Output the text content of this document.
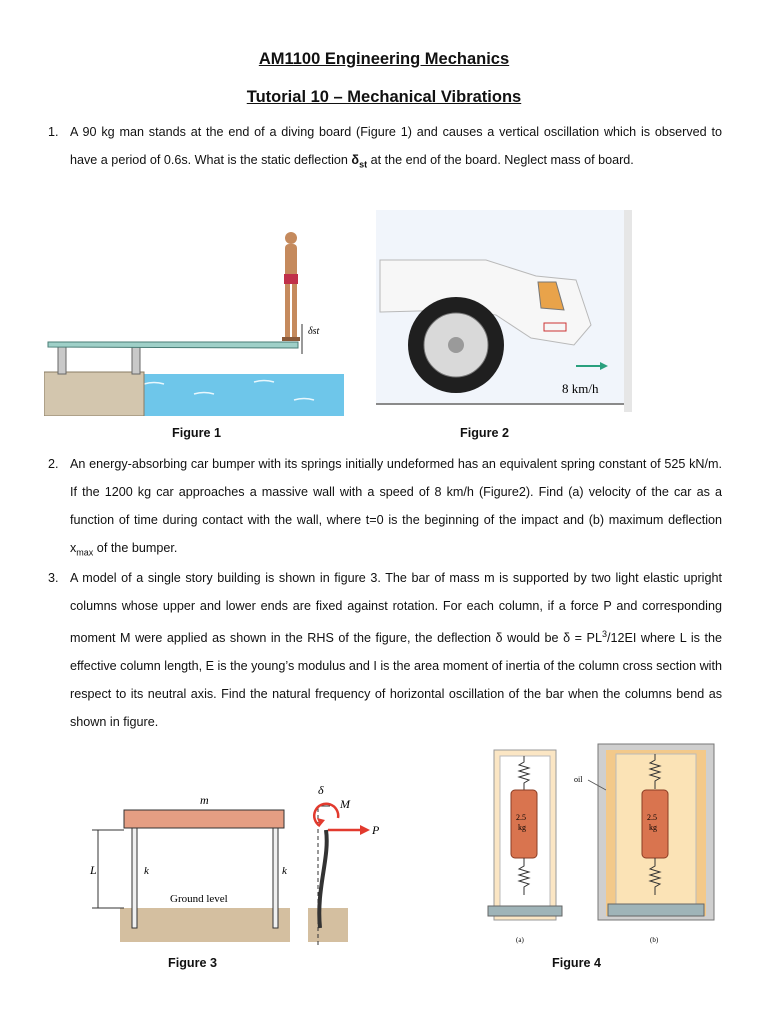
AM1100 Engineering Mechanics
Tutorial 10 – Mechanical Vibrations
1. A 90 kg man stands at the end of a diving board (Figure 1) and causes a vertical oscillation which is observed to have a period of 0.6s. What is the static deflection $\delta_{st}$ at the end of the board. Neglect mass of board.
δst
Figure 1
8 km/h
Figure 2
2. An energy-absorbing car bumper with its springs initially undeformed has an equivalent spring constant of 525 kN/m. If the 1200 kg car approaches a massive wall with a speed of 8 km/h (Figure2). Find (a) velocity of the car as a function of time during contact with the wall, where t=0 is the beginning of the impact and (b) maximum deflection $x_{max}$ of the bumper.
3. A model of a single story building is shown in figure 3. The bar of mass m is supported by two light elastic upright columns whose upper and lower ends are fixed against rotation. For each column, if a force P and corresponding moment M were applied as shown in the RHS of the figure, the deflection δ would be $\delta = PL^3/12EI$ where L is the effective column length, E is the young’s modulus and I is the area moment of inertia of the column cross section with respect to its neutral axis. Find the natural frequency of horizontal oscillation of the bar when the columns bend as shown in figure.
m
L	k	k
Ground level
δ
M
P
Figure 3
2.5
kg
(a)
2.5
kg
oil
(b)
Figure 4
